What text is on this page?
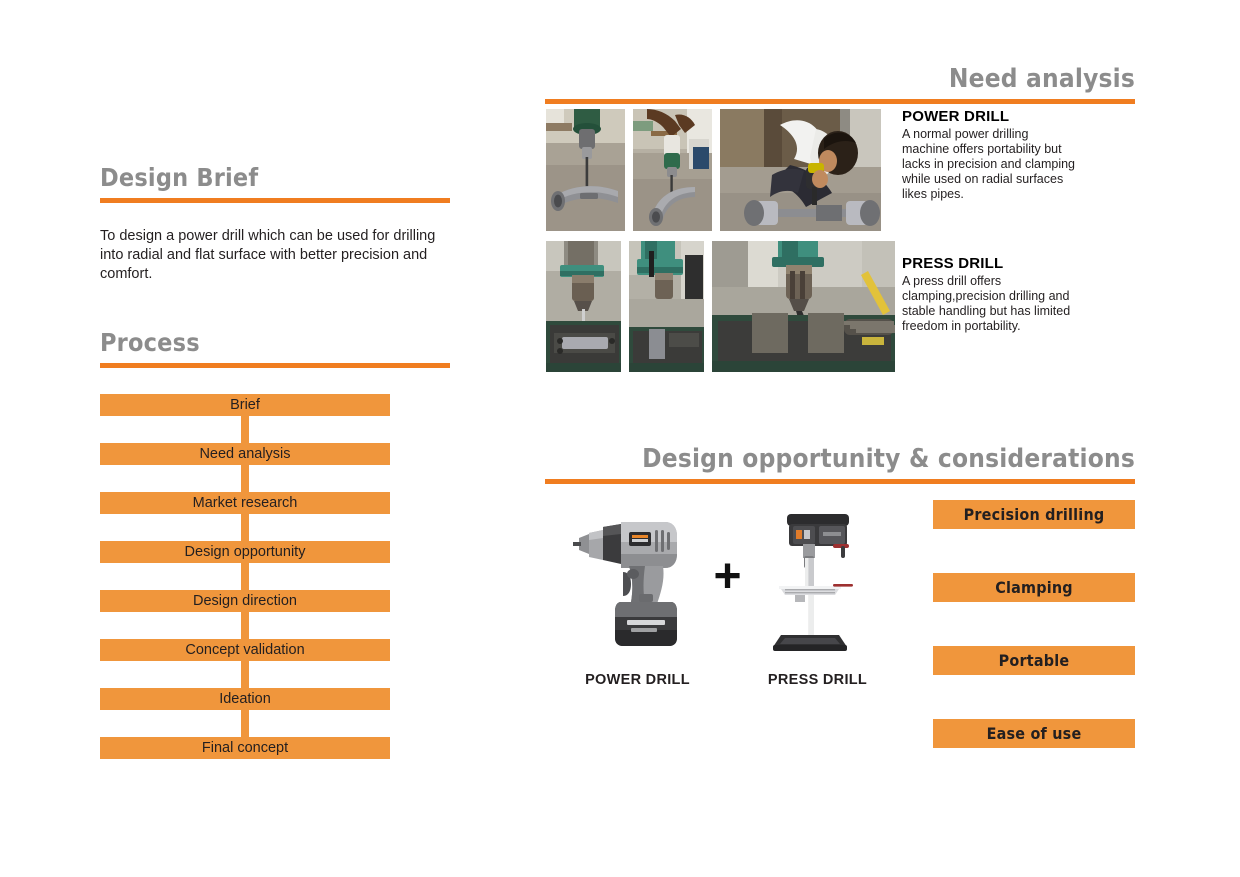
Design Brief
To design a power drill which can be used for drilling into radial and flat surface with better precision and comfort.
Process
Brief
Need analysis
Market research
Design opportunity
Design direction
Concept validation
Ideation
Final concept
Need analysis
POWER DRILL
A normal power drilling machine offers portability but lacks in precision and clamping while used on radial surfaces likes pipes.
PRESS DRILL
A press drill offers clamping,precision drilling and stable handling but has limited freedom in portability.
Design opportunity & considerations
POWER DRILL
+
PRESS DRILL
Precision drilling
Clamping
Portable
Ease of use
